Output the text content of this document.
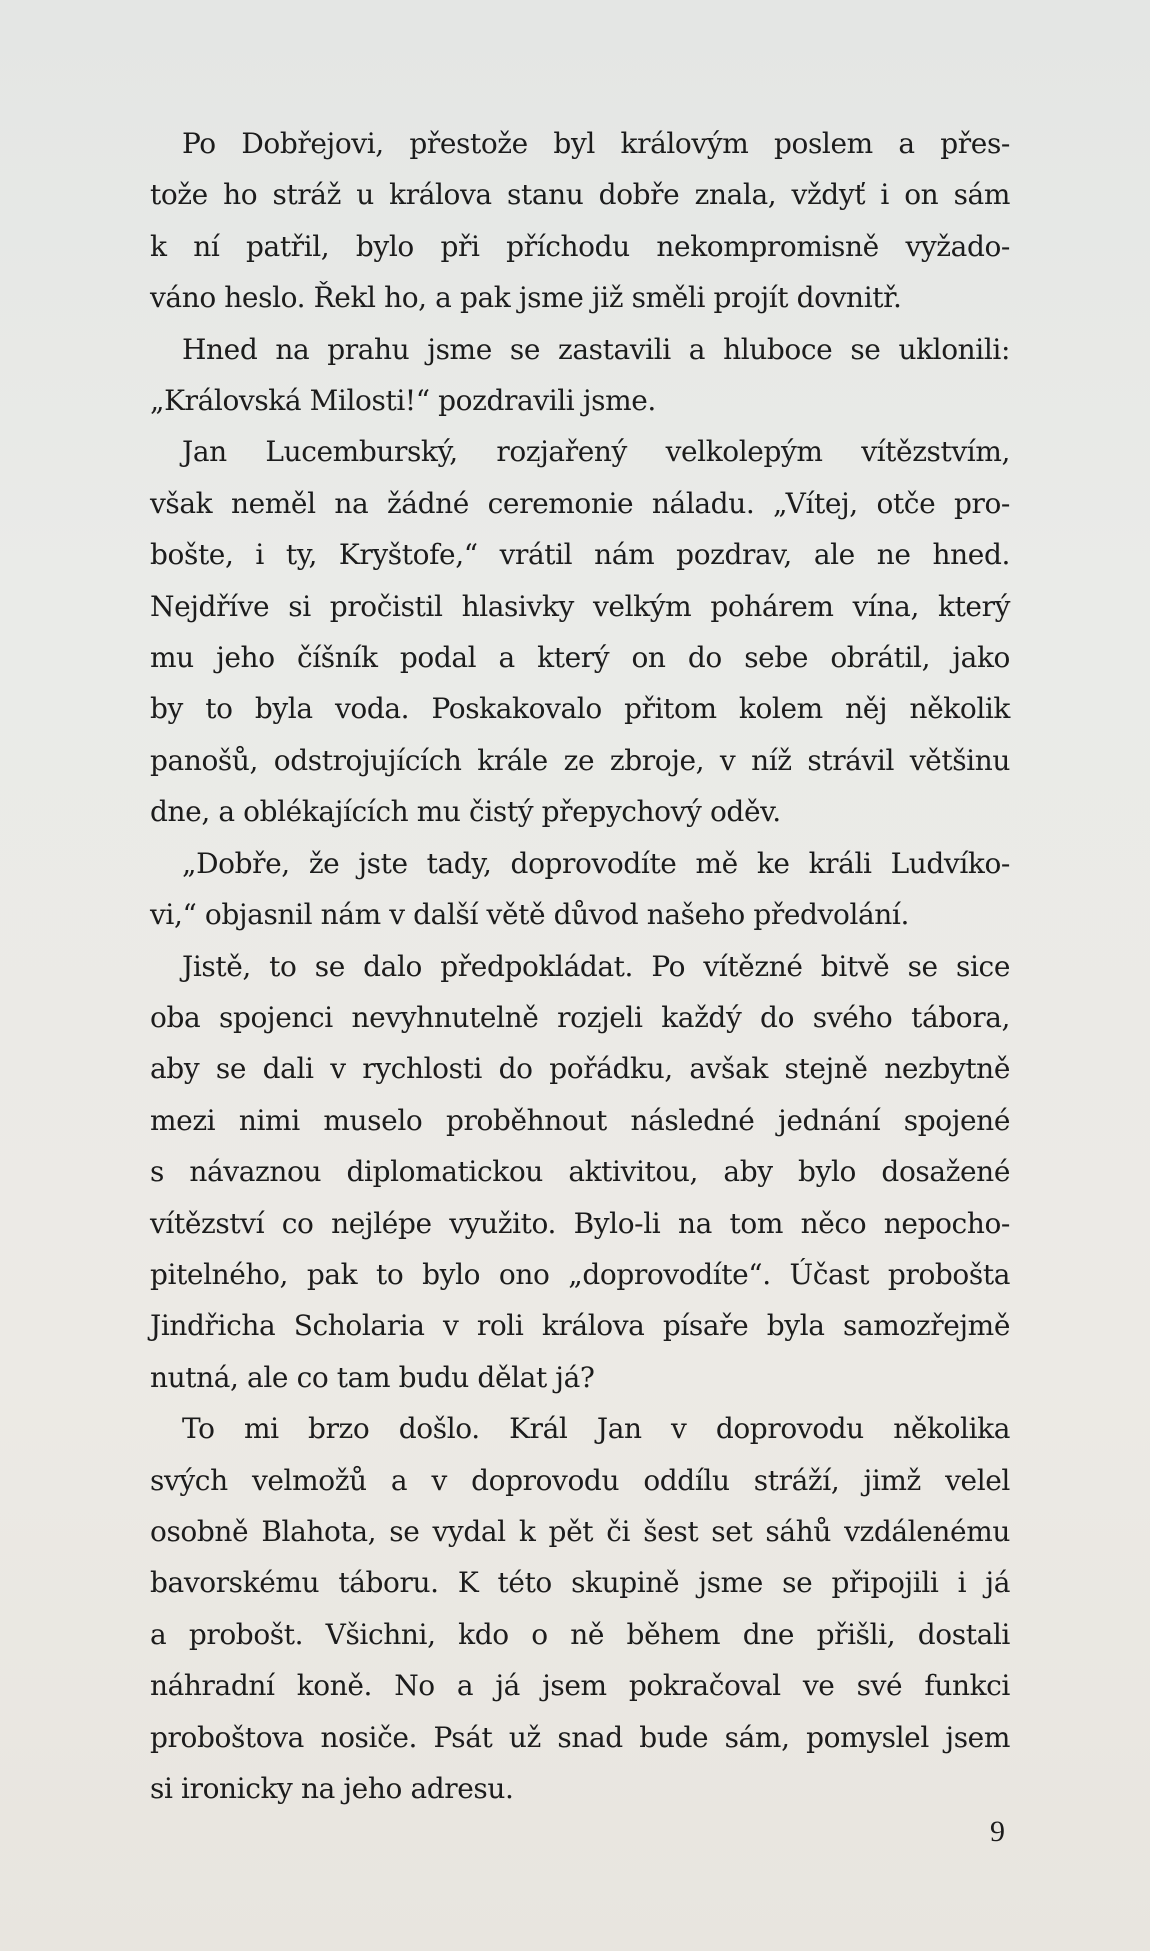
Po Dobřejovi, přestože byl královým poslem a přes-
tože ho stráž u králova stanu dobře znala, vždyť i on sám
k ní patřil, bylo při příchodu nekompromisně vyžado-
váno heslo. Řekl ho, a pak jsme již směli projít dovnitř.

Hned na prahu jsme se zastavili a hluboce se uklonili:
„Královská Milosti!“ pozdravili jsme.

Jan Lucemburský, rozjařený velkolepým vítězstvím,
však neměl na žádné ceremonie náladu. „Vítej, otče pro-
bošte, i ty, Kryštofe,“ vrátil nám pozdrav, ale ne hned.
Nejdříve si pročistil hlasivky velkým pohárem vína, který
mu jeho číšník podal a který on do sebe obrátil, jako
by to byla voda. Poskakovalo přitom kolem něj několik
panošů, odstrojujících krále ze zbroje, v níž strávil většinu
dne, a oblékajících mu čistý přepychový oděv.

„Dobře, že jste tady, doprovodíte mě ke králi Ludvíko-
vi,“ objasnil nám v další větě důvod našeho předvolání.

Jistě, to se dalo předpokládat. Po vítězné bitvě se sice
oba spojenci nevyhnutelně rozjeli každý do svého tábora,
aby se dali v rychlosti do pořádku, avšak stejně nezbytně
mezi nimi muselo proběhnout následné jednání spojené
s návaznou diplomatickou aktivitou, aby bylo dosažené
vítězství co nejlépe využito. Bylo-li na tom něco nepocho-
pitelného, pak to bylo ono „doprovodíte“. Účast probošta
Jindřicha Scholaria v roli králova písaře byla samozřejmě
nutná, ale co tam budu dělat já?

To mi brzo došlo. Král Jan v doprovodu několika
svých velmožů a v doprovodu oddílu stráží, jimž velel
osobně Blahota, se vydal k pět či šest set sáhů vzdálenému
bavorskému táboru. K této skupině jsme se připojili i já
a probošt. Všichni, kdo o ně během dne přišli, dostali
náhradní koně. No a já jsem pokračoval ve své funkci
proboštova nosiče. Psát už snad bude sám, pomyslel jsem
si ironicky na jeho adresu.

9
